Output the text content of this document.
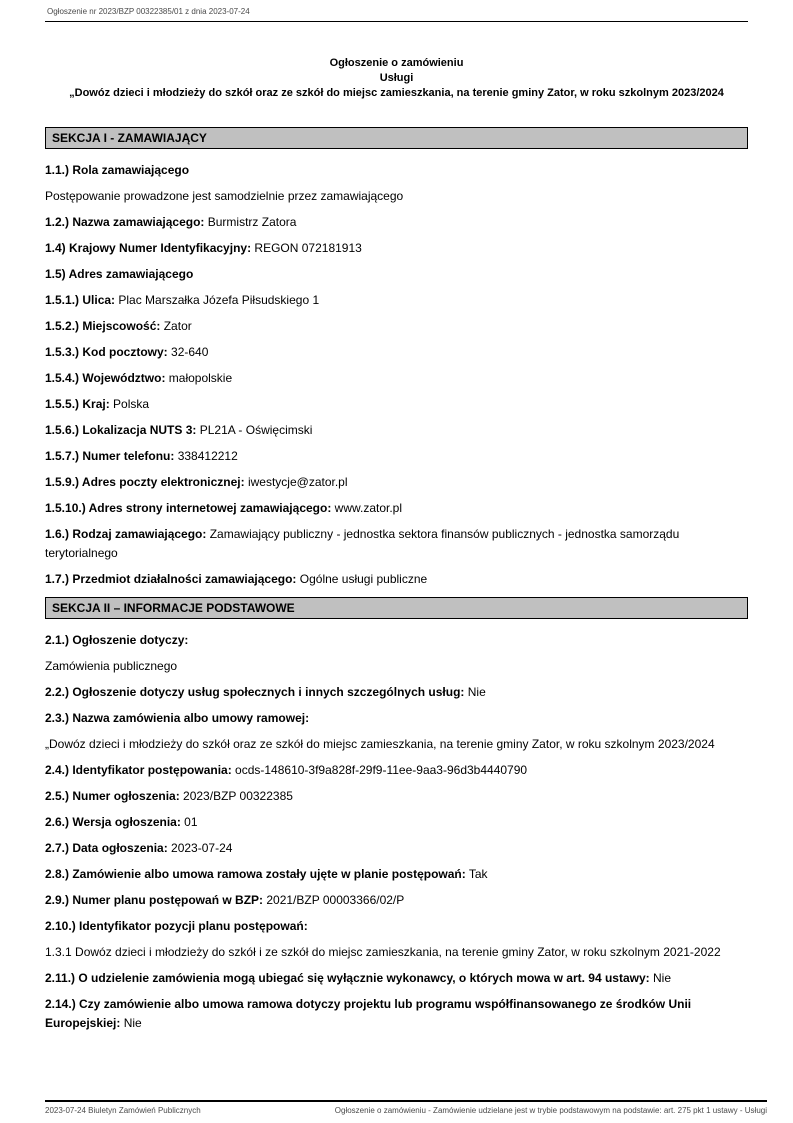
Ogłoszenie nr 2023/BZP 00322385/01 z dnia 2023-07-24
Ogłoszenie o zamówieniu
Usługi
„Dowóz dzieci i młodzieży do szkół oraz ze szkół do miejsc zamieszkania, na terenie gminy Zator, w roku szkolnym 2023/2024
SEKCJA I - ZAMAWIAJĄCY

1.1.) Rola zamawiającego

Postępowanie prowadzone jest samodzielnie przez zamawiającego

1.2.) Nazwa zamawiającego: Burmistrz Zatora

1.4) Krajowy Numer Identyfikacyjny: REGON 072181913

1.5) Adres zamawiającego

1.5.1.) Ulica: Plac Marszałka Józefa Piłsudskiego 1

1.5.2.) Miejscowość: Zator

1.5.3.) Kod pocztowy: 32-640

1.5.4.) Województwo: małopolskie

1.5.5.) Kraj: Polska

1.5.6.) Lokalizacja NUTS 3: PL21A - Oświęcimski

1.5.7.) Numer telefonu: 338412212

1.5.9.) Adres poczty elektronicznej: iwestycje@zator.pl

1.5.10.) Adres strony internetowej zamawiającego: www.zator.pl

1.6.) Rodzaj zamawiającego: Zamawiający publiczny - jednostka sektora finansów publicznych - jednostka samorządu terytorialnego

1.7.) Przedmiot działalności zamawiającego: Ogólne usługi publiczne

SEKCJA II – INFORMACJE PODSTAWOWE

2.1.) Ogłoszenie dotyczy:

Zamówienia publicznego

2.2.) Ogłoszenie dotyczy usług społecznych i innych szczególnych usług: Nie

2.3.) Nazwa zamówienia albo umowy ramowej:

„Dowóz dzieci i młodzieży do szkół oraz ze szkół do miejsc zamieszkania, na terenie gminy Zator, w roku szkolnym 2023/2024

2.4.) Identyfikator postępowania: ocds-148610-3f9a828f-29f9-11ee-9aa3-96d3b4440790

2.5.) Numer ogłoszenia: 2023/BZP 00322385

2.6.) Wersja ogłoszenia: 01

2.7.) Data ogłoszenia: 2023-07-24

2.8.) Zamówienie albo umowa ramowa zostały ujęte w planie postępowań: Tak

2.9.) Numer planu postępowań w BZP: 2021/BZP 00003366/02/P

2.10.) Identyfikator pozycji planu postępowań:

1.3.1 Dowóz dzieci i młodzieży do szkół i ze szkół do miejsc zamieszkania, na terenie gminy Zator, w roku szkolnym 2021-2022

2.11.) O udzielenie zamówienia mogą ubiegać się wyłącznie wykonawcy, o których mowa w art. 94 ustawy: Nie

2.14.) Czy zamówienie albo umowa ramowa dotyczy projektu lub programu współfinansowanego ze środków Unii Europejskiej: Nie

2023-07-24 Biuletyn Zamówień Publicznych	Ogłoszenie o zamówieniu - Zamówienie udzielane jest w trybie podstawowym na podstawie: art. 275 pkt 1 ustawy - Usługi
